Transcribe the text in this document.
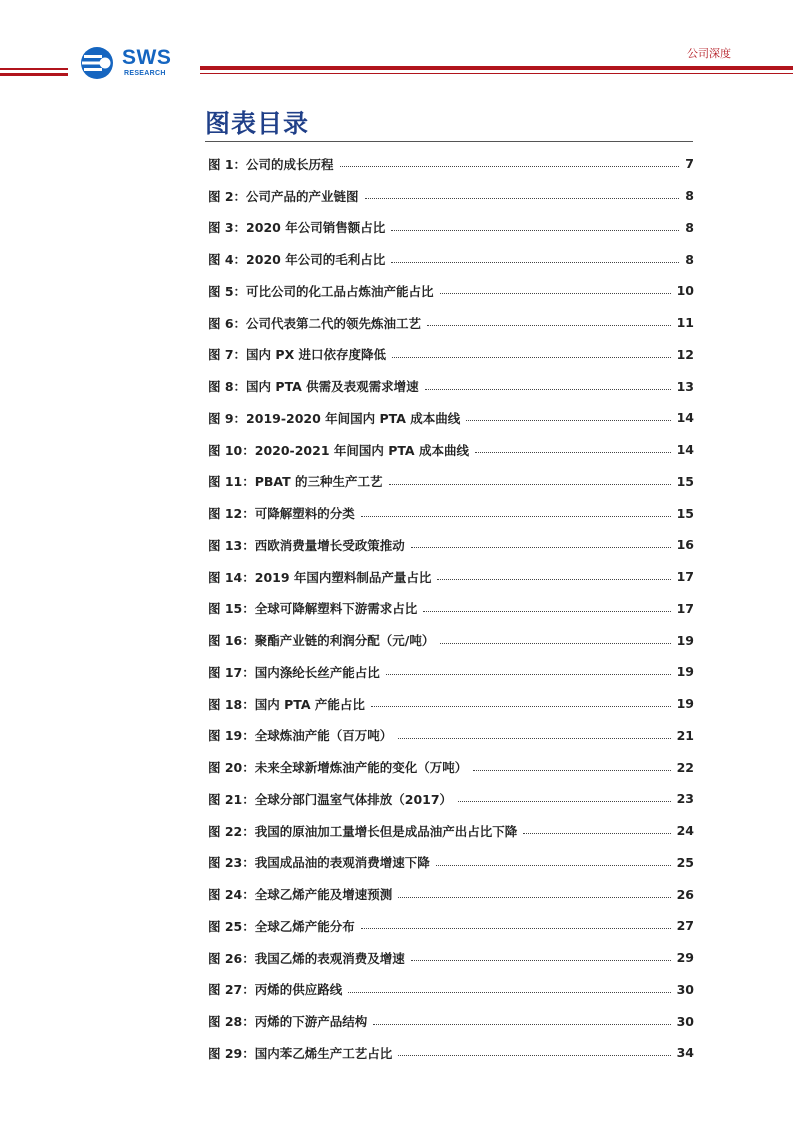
SWS
RESEARCH
公司深度
图表目录
图 1：公司的成长历程	7
图 2：公司产品的产业链图	8
图 3：2020 年公司销售额占比	8
图 4：2020 年公司的毛利占比	8
图 5：可比公司的化工品占炼油产能占比	10
图 6：公司代表第二代的领先炼油工艺	11
图 7：国内 PX 进口依存度降低	12
图 8：国内 PTA 供需及表观需求增速	13
图 9：2019-2020 年间国内 PTA 成本曲线	14
图 10：2020-2021 年间国内 PTA 成本曲线	14
图 11：PBAT 的三种生产工艺	15
图 12：可降解塑料的分类	15
图 13：西欧消费量增长受政策推动	16
图 14：2019 年国内塑料制品产量占比	17
图 15：全球可降解塑料下游需求占比	17
图 16：聚酯产业链的利润分配（元/吨）	19
图 17：国内涤纶长丝产能占比	19
图 18：国内 PTA 产能占比	19
图 19：全球炼油产能（百万吨）	21
图 20：未来全球新增炼油产能的变化（万吨）	22
图 21：全球分部门温室气体排放（2017）	23
图 22：我国的原油加工量增长但是成品油产出占比下降	24
图 23：我国成品油的表观消费增速下降	25
图 24：全球乙烯产能及增速预测	26
图 25：全球乙烯产能分布	27
图 26：我国乙烯的表观消费及增速	29
图 27：丙烯的供应路线	30
图 28：丙烯的下游产品结构	30
图 29：国内苯乙烯生产工艺占比	34
